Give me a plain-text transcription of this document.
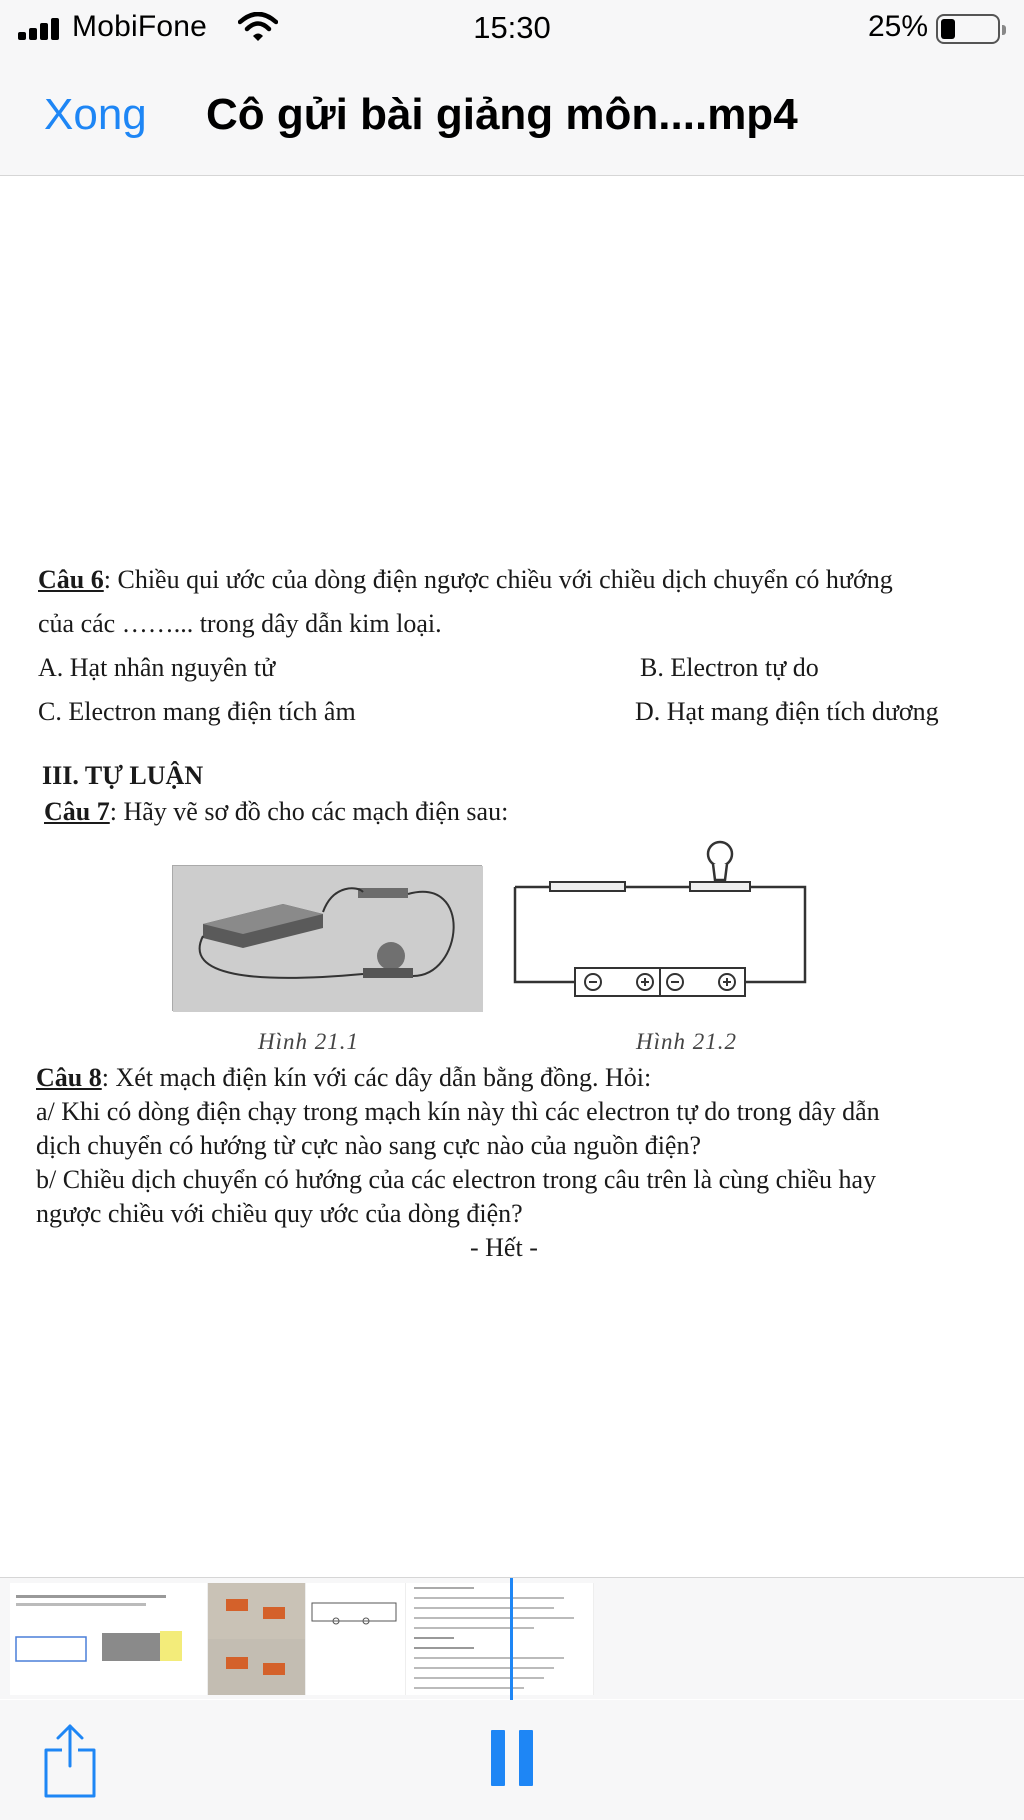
MobiFone	15:30	25%
Xong Cô gửi bài giảng môn....mp4
Câu 6: Chiều qui ước của dòng điện ngược chiều với chiều dịch chuyển có hướng
của các ……... trong dây dẫn kim loại.
A. Hạt nhân nguyên tử	B. Electron tự do
C. Electron mang điện tích âm	D. Hạt mang điện tích dương
III. TỰ LUẬN
Câu 7: Hãy vẽ sơ đồ cho các mạch điện sau:
Hình 21.1	Hình 21.2
Câu 8: Xét mạch điện kín với các dây dẫn bằng đồng. Hỏi:
a/ Khi có dòng điện chạy trong mạch kín này thì các electron tự do trong dây dẫn
dịch chuyển có hướng từ cực nào sang cực nào của nguồn điện?
b/ Chiều dịch chuyển có hướng của các electron trong câu trên là cùng chiều hay
ngược chiều với chiều quy ước của dòng điện?
- Hết -
